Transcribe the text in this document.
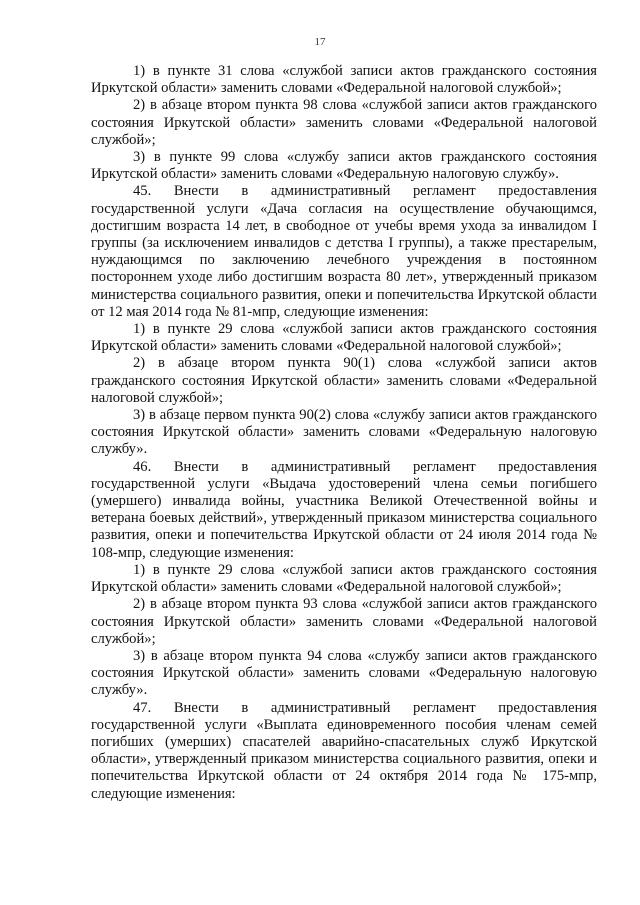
17

1) в пункте 31 слова «службой записи актов гражданского состояния Иркутской области» заменить словами «Федеральной налоговой службой»;

2) в абзаце втором пункта 98 слова «службой записи актов гражданского состояния Иркутской области» заменить словами «Федеральной налоговой службой»;

3) в пункте 99 слова «службу записи актов гражданского состояния Иркутской области» заменить словами «Федеральную налоговую службу».

45. Внести в административный регламент предоставления государственной услуги «Дача согласия на осуществление обучающимся, достигшим возраста 14 лет, в свободное от учебы время ухода за инвалидом I группы (за исключением инвалидов с детства I группы), а также престарелым, нуждающимся по заключению лечебного учреждения в постоянном постороннем уходе либо достигшим возраста 80 лет», утвержденный приказом министерства социального развития, опеки и попечительства Иркутской области от 12 мая 2014 года № 81-мпр, следующие изменения:

1) в пункте 29 слова «службой записи актов гражданского состояния Иркутской области» заменить словами «Федеральной налоговой службой»;

2) в абзаце втором пункта 90(1) слова «службой записи актов гражданского состояния Иркутской области» заменить словами «Федеральной налоговой службой»;

3) в абзаце первом пункта 90(2) слова «службу записи актов гражданского состояния Иркутской области» заменить словами «Федеральную налоговую службу».

46. Внести в административный регламент предоставления государственной услуги «Выдача удостоверений члена семьи погибшего (умершего) инвалида войны, участника Великой Отечественной войны и ветерана боевых действий», утвержденный приказом министерства социального развития, опеки и попечительства Иркутской области от 24 июля 2014 года № 108-мпр, следующие изменения:

1) в пункте 29 слова «службой записи актов гражданского состояния Иркутской области» заменить словами «Федеральной налоговой службой»;

2) в абзаце втором пункта 93 слова «службой записи актов гражданского состояния Иркутской области» заменить словами «Федеральной налоговой службой»;

3) в абзаце втором пункта 94 слова «службу записи актов гражданского состояния Иркутской области» заменить словами «Федеральную налоговую службу».

47. Внести в административный регламент предоставления государственной услуги «Выплата единовременного пособия членам семей погибших (умерших) спасателей аварийно-спасательных служб Иркутской области», утвержденный приказом министерства социального развития, опеки и попечительства Иркутской области от 24 октября 2014 года № 175-мпр, следующие изменения:
